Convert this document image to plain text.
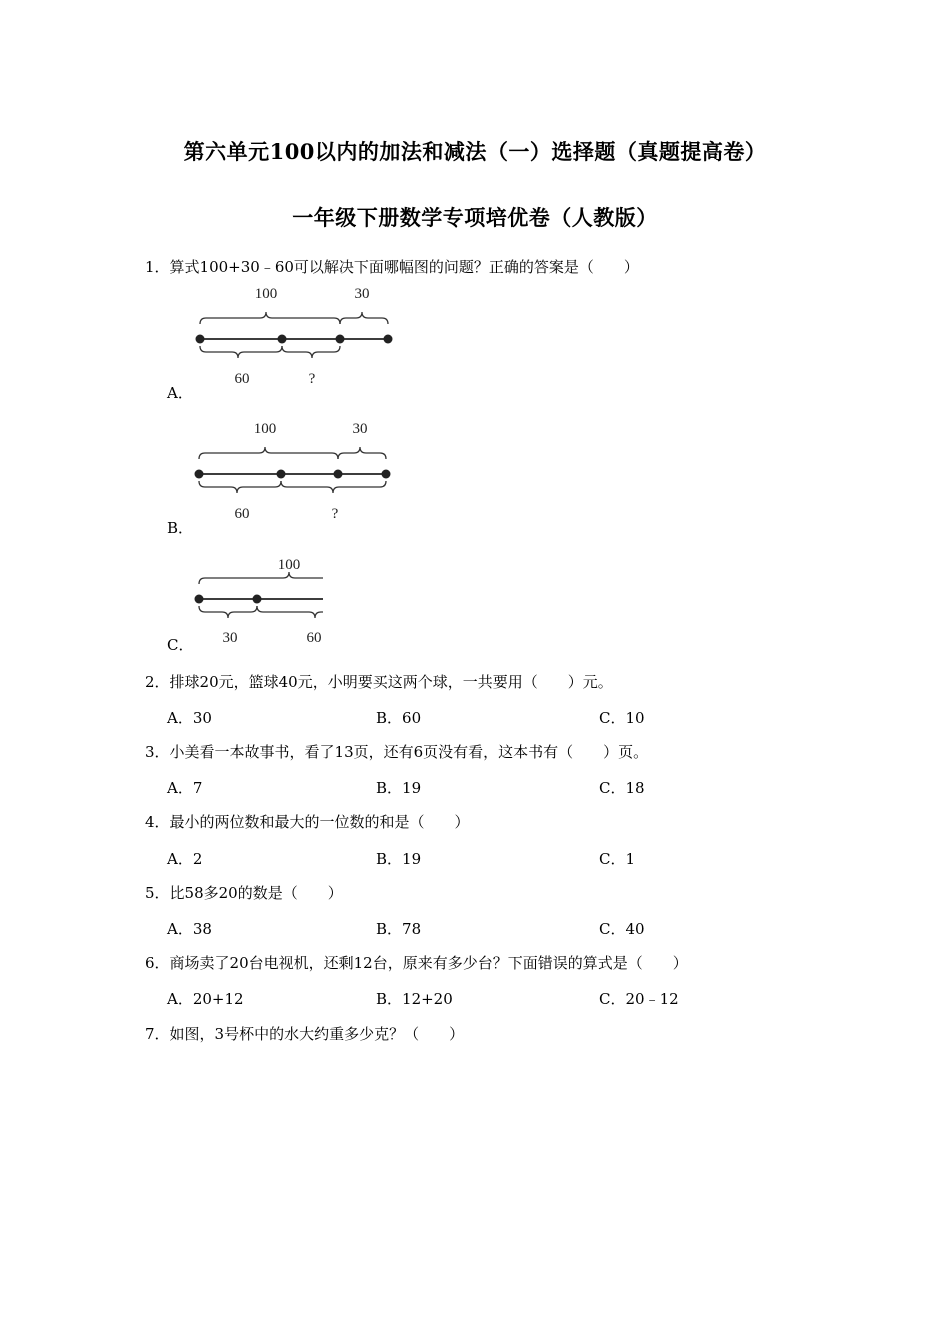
第六单元100以内的加法和减法（一）选择题（真题提高卷）
一年级下册数学专项培优卷（人教版）
1．算式100+30﹣60可以解决下面哪幅图的问题？正确的答案是（　　）
100	30
60	?
A．
100	30
60	?
B．
100
30	60
C．
2．排球20元，篮球40元，小明要买这两个球，一共要用（　　）元。
A．30	B．60	C．10
3．小美看一本故事书，看了13页，还有6页没有看，这本书有（　　）页。
A．7	B．19	C．18
4．最小的两位数和最大的一位数的和是（　　）
A．2	B．19	C．1
5．比58多20的数是（　　）
A．38	B．78	C．40
6．商场卖了20台电视机，还剩12台，原来有多少台？下面错误的算式是（　　）
A．20+12	B．12+20	C．20﹣12
7．如图，3号杯中的水大约重多少克？（　　）
